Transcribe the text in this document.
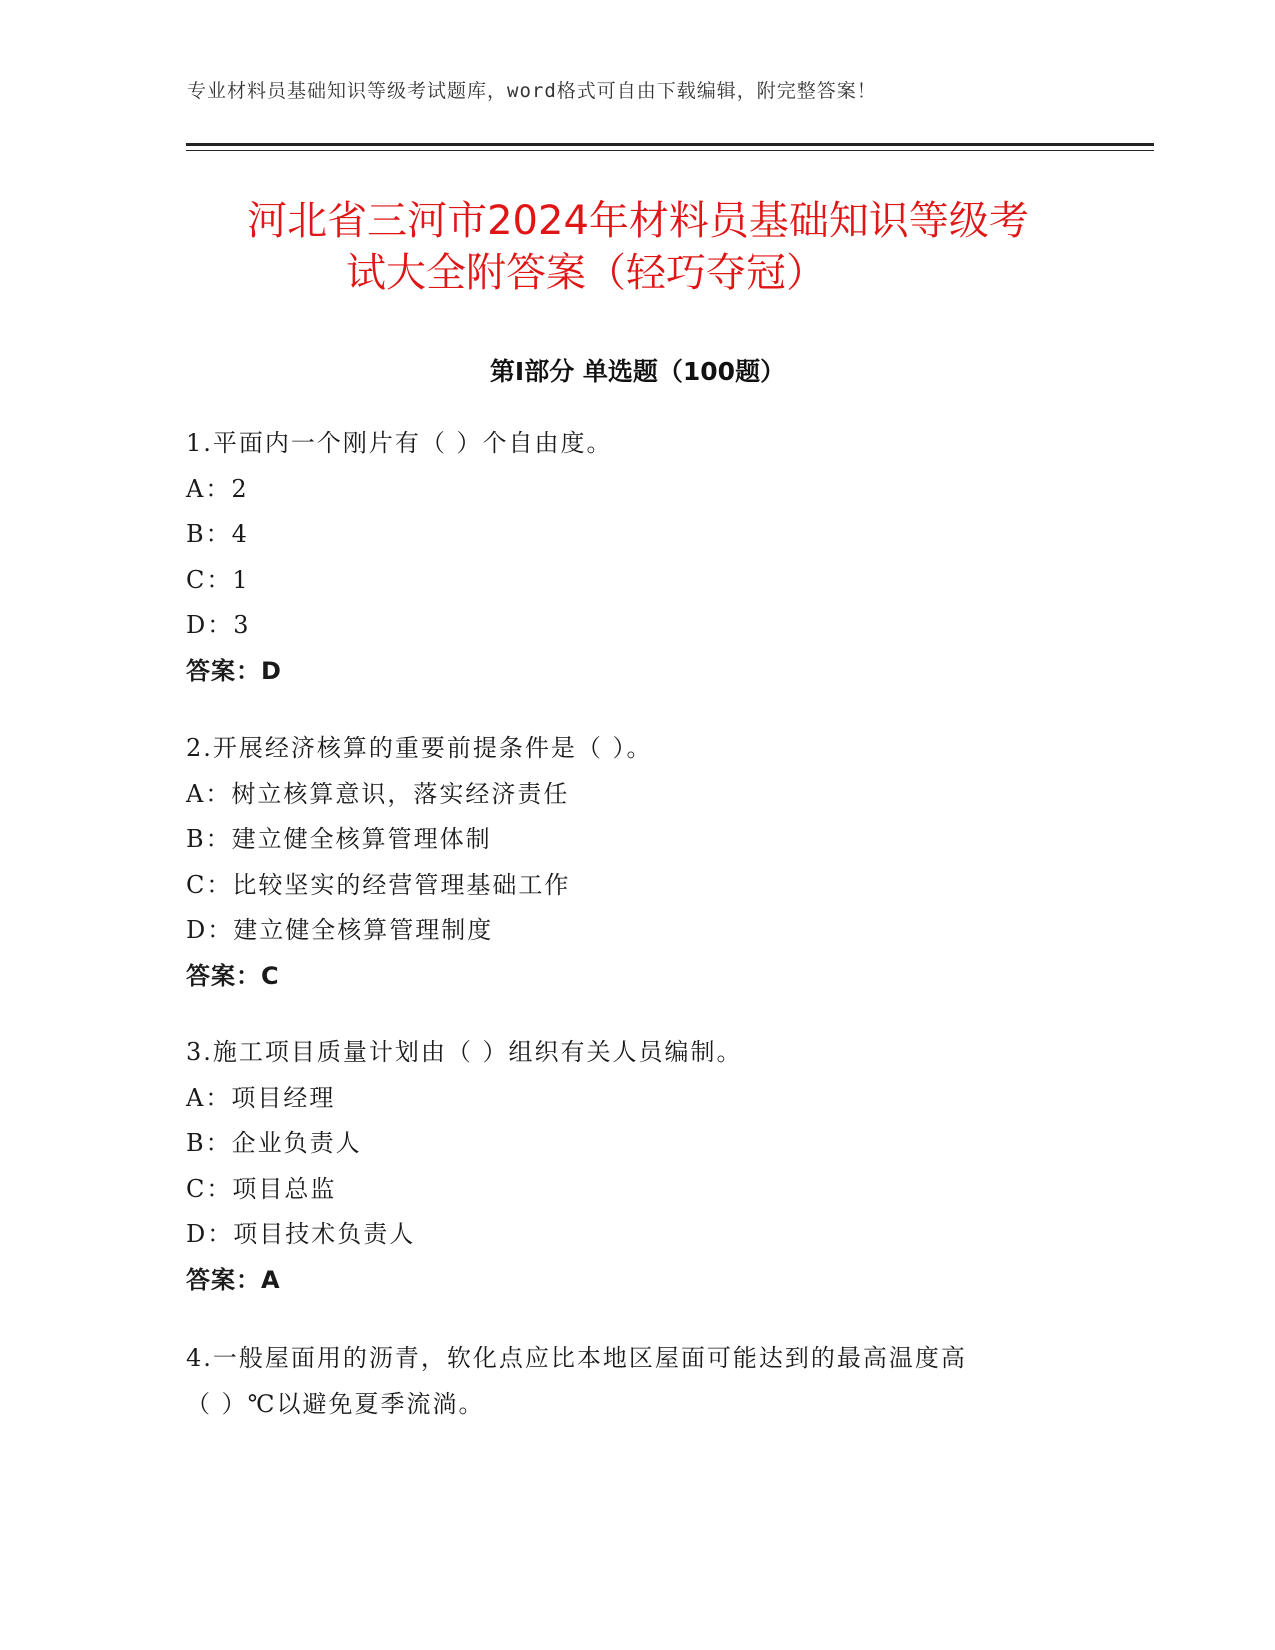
专业材料员基础知识等级考试题库，word格式可自由下载编辑，附完整答案！
河北省三河市2024年材料员基础知识等级考
试大全附答案（轻巧夺冠）
第Ⅰ部分 单选题（100题）
1.平面内一个刚片有（ ）个自由度。
A：2
B：4
C：1
D：3
答案：D
2.开展经济核算的重要前提条件是（ ）。
A：树立核算意识，落实经济责任
B：建立健全核算管理体制
C：比较坚实的经营管理基础工作
D：建立健全核算管理制度
答案：C
3.施工项目质量计划由（ ）组织有关人员编制。
A：项目经理
B：企业负责人
C：项目总监
D：项目技术负责人
答案：A
4.一般屋面用的沥青，软化点应比本地区屋面可能达到的最高温度高
（ ）℃以避免夏季流淌。
